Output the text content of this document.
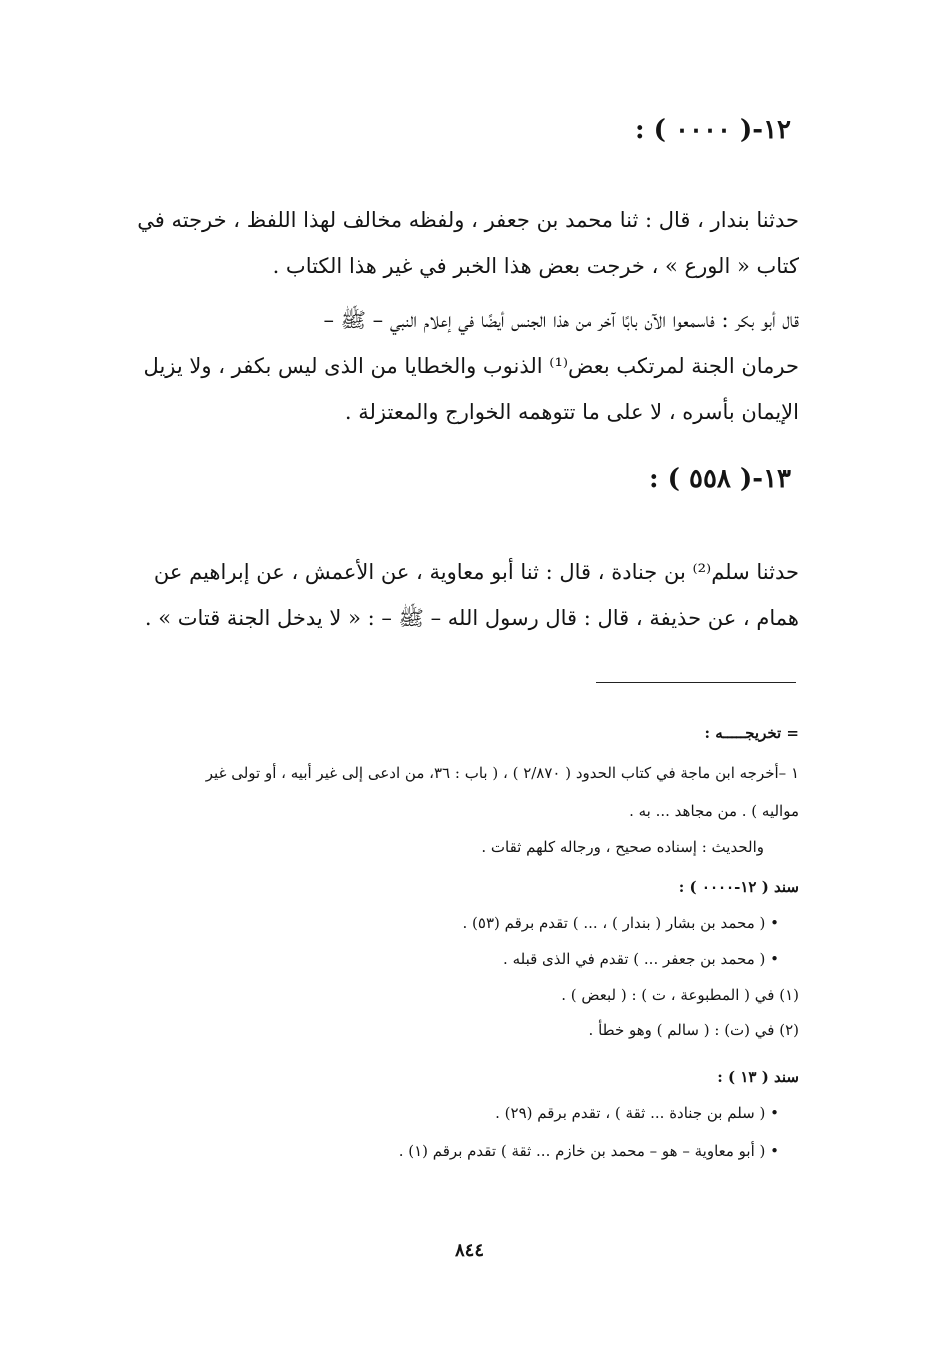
١٢-( ٠٠٠٠ ) :

حدثنا بندار ، قال : ثنا محمد بن جعفر ، ولفظه مخالف لهذا اللفظ ، خرجته في

كتاب « الورع » ، خرجت بعض هذا الخبر في غير هذا الكتاب .

قال أبو بكر : فاسمعوا الآن بابًا آخر من هذا الجنس أيضًا في إعلام النبي – ﷺ –

حرمان الجنة لمرتكب بعض⁽¹⁾ الذنوب والخطايا من الذى ليس بكفر ، ولا يزيل

الإيمان بأسره ، لا على ما تتوهمه الخوارج والمعتزلة .

١٣-( ٥٥٨ ) :

حدثنا سلم⁽²⁾ بن جنادة ، قال : ثنا أبو معاوية ، عن الأعمش ، عن إبراهيم عن

همام ، عن حذيفة ، قال : قال رسول الله – ﷺ – : « لا يدخل الجنة قتات » .

= تخريجـــــه :
١ –أخرجه ابن ماجة في كتاب الحدود ( ٢/٨٧٠ ) ، ( باب : ٣٦، من ادعى إلى غير أبيه ، أو تولى غير
مواليه ) . من مجاهد ... به .
والحديث : إسناده صحيح ، ورجاله كلهم ثقات .
سند ( ١٢-٠٠٠٠ ) :
• ( محمد بن بشار ( بندار ) ، ... ) تقدم برقم (٥٣) .
• ( محمد بن جعفر ... ) تقدم في الذى قبله .
(١) في ( المطبوعة ، ت ) : ( لبعض ) .
(٢) في (ت) : ( سالم ) وهو خطأ .
سند ( ١٣ ) :
• ( سلم بن جنادة ... ثقة ) ، تقدم برقم (٢٩) .
• ( أبو معاوية – هو – محمد بن خازم ... ثقة ) تقدم برقم (١) .
٨٤٤
